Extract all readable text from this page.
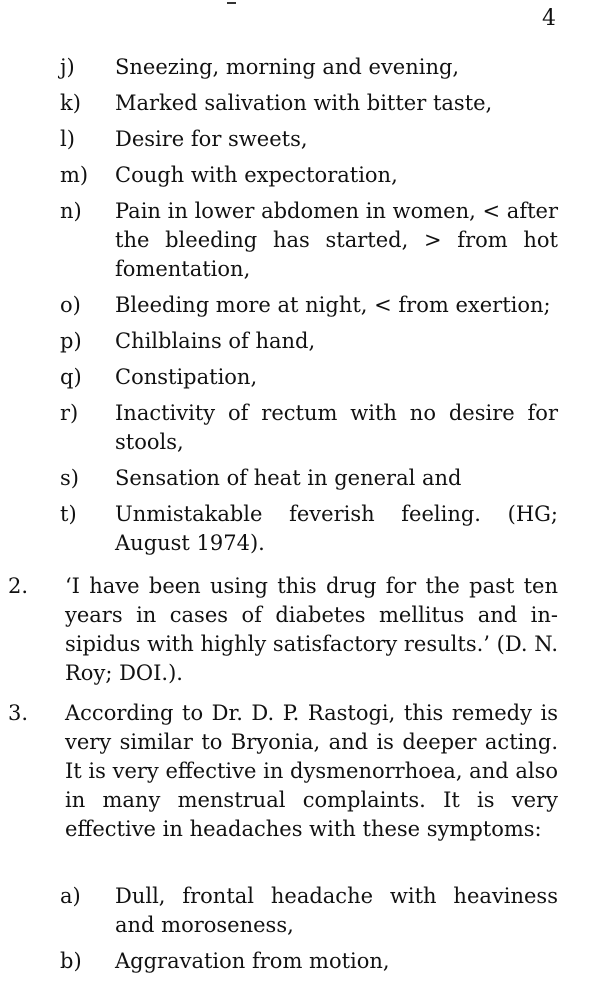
4
j)	Sneezing, morning and evening,
k)	Marked salivation with bitter taste,
l)	Desire for sweets,
m)	Cough with expectoration,
n)	Pain in lower abdomen in women, < after the bleeding has started, > from hot fomentation,
o)	Bleeding more at night, < from exertion;
p)	Chilblains of hand,
q)	Constipation,
r)	Inactivity of rectum with no desire for stools,
s)	Sensation of heat in general and
t)	Unmistakable feverish feeling. (HG; August 1974).
2.	‘I have been using this drug for the past ten years in cases of diabetes mellitus and insipidus with highly satisfactory results.’ (D. N. Roy; DOI.).
3.	According to Dr. D. P. Rastogi, this remedy is very similar to Bryonia, and is deeper acting. It is very effective in dysmenorrhoea, and also in many menstrual complaints. It is very effective in headaches with these symptoms:
a)	Dull, frontal headache with heaviness and moroseness,
b)	Aggravation from motion,
